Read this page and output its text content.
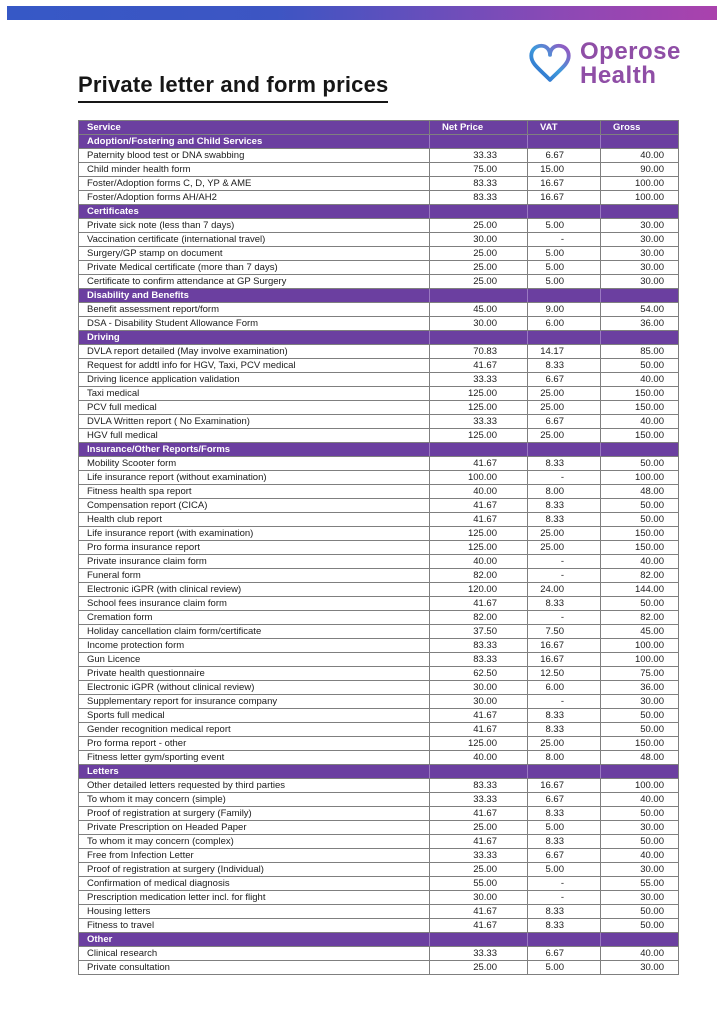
Operose
Health
Private letter and form prices
Service	Net Price	VAT	Gross
Adoption/Fostering and Child Services			
Paternity blood test or DNA swabbing	33.33	6.67	40.00
Child minder health form	75.00	15.00	90.00
Foster/Adoption forms C, D, YP & AME	83.33	16.67	100.00
Foster/Adoption forms AH/AH2	83.33	16.67	100.00
Certificates			
Private sick note (less than 7 days)	25.00	5.00	30.00
Vaccination certificate (international travel)	30.00	-	30.00
Surgery/GP stamp on document	25.00	5.00	30.00
Private Medical certificate (more than 7 days)	25.00	5.00	30.00
Certificate to confirm attendance at GP Surgery	25.00	5.00	30.00
Disability and Benefits			
Benefit assessment report/form	45.00	9.00	54.00
DSA - Disability Student Allowance Form	30.00	6.00	36.00
Driving			
DVLA report detailed (May involve examination)	70.83	14.17	85.00
Request for addtl info for HGV, Taxi, PCV medical	41.67	8.33	50.00
Driving licence application validation	33.33	6.67	40.00
Taxi medical	125.00	25.00	150.00
PCV full medical	125.00	25.00	150.00
DVLA Written report ( No Examination)	33.33	6.67	40.00
HGV full medical	125.00	25.00	150.00
Insurance/Other Reports/Forms			
Mobility Scooter form	41.67	8.33	50.00
Life insurance report (without examination)	100.00	-	100.00
Fitness health spa report	40.00	8.00	48.00
Compensation report (CICA)	41.67	8.33	50.00
Health club report	41.67	8.33	50.00
Life insurance report (with examination)	125.00	25.00	150.00
Pro forma insurance report	125.00	25.00	150.00
Private insurance claim form	40.00	-	40.00
Funeral form	82.00	-	82.00
Electronic iGPR (with clinical review)	120.00	24.00	144.00
School fees insurance claim form	41.67	8.33	50.00
Cremation form	82.00	-	82.00
Holiday cancellation claim form/certificate	37.50	7.50	45.00
Income protection form	83.33	16.67	100.00
Gun Licence	83.33	16.67	100.00
Private health questionnaire	62.50	12.50	75.00
Electronic iGPR (without clinical review)	30.00	6.00	36.00
Supplementary report for insurance company	30.00	-	30.00
Sports full medical	41.67	8.33	50.00
Gender recognition medical report	41.67	8.33	50.00
Pro forma report - other	125.00	25.00	150.00
Fitness letter gym/sporting event	40.00	8.00	48.00
Letters			
Other detailed letters requested by third parties	83.33	16.67	100.00
To whom it may concern (simple)	33.33	6.67	40.00
Proof of registration at surgery (Family)	41.67	8.33	50.00
Private Prescription on Headed Paper	25.00	5.00	30.00
To whom it may concern (complex)	41.67	8.33	50.00
Free from Infection Letter	33.33	6.67	40.00
Proof of registration at surgery (Individual)	25.00	5.00	30.00
Confirmation of medical diagnosis	55.00	-	55.00
Prescription medication letter incl. for flight	30.00	-	30.00
Housing letters	41.67	8.33	50.00
Fitness to travel	41.67	8.33	50.00
Other			
Clinical research	33.33	6.67	40.00
Private consultation	25.00	5.00	30.00
